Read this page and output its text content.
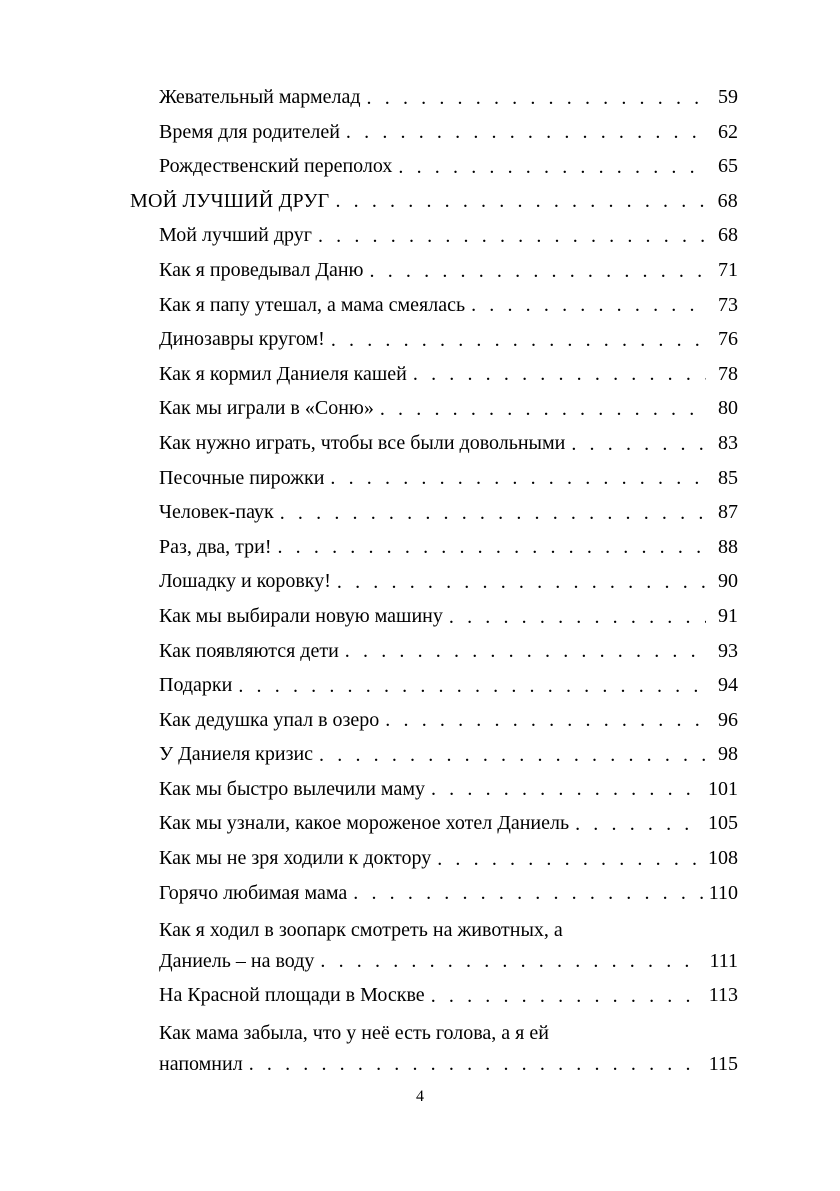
Жевательный мармелад . . .	59
Время для родителей . . .	62
Рождественский переполох . . .	65
МОЙ ЛУЧШИЙ ДРУГ . . .	68
Мой лучший друг . . .	68
Как я проведывал Даню . . .	71
Как я папу утешал, а мама смеялась . . .	73
Динозавры кругом! . . .	76
Как я кормил Даниеля кашей . . .	78
Как мы играли в «Соню» . . .	80
Как нужно играть, чтобы все были довольными . . .	83
Песочные пирожки . . .	85
Человек-паук . . .	87
Раз, два, три! . . .	88
Лошадку и коровку! . . .	90
Как мы выбирали новую машину . . .	91
Как появляются дети . . .	93
Подарки . . .	94
Как дедушка упал в озеро . . .	96
У Даниеля кризис . . .	98
Как мы быстро вылечили маму . . .	101
Как мы узнали, какое мороженое хотел Даниель . . .	105
Как мы не зря ходили к доктору . . .	108
Горячо любимая мама . . .	110
Как я ходил в зоопарк смотреть на животных, а
Даниель – на воду . . .	111
На Красной площади в Москве . . .	113
Как мама забыла, что у неё есть голова, а я ей
напомнил . . .	115
4
